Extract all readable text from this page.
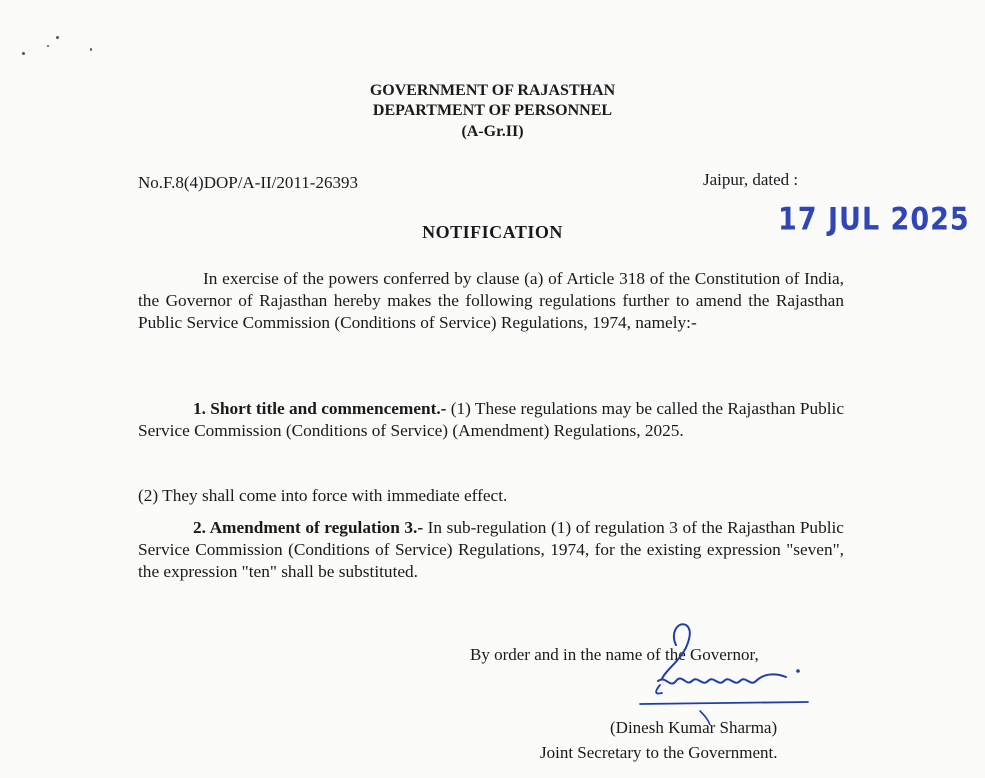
GOVERNMENT OF RAJASTHAN
DEPARTMENT OF PERSONNEL
(A-Gr.II)
No.F.8(4)DOP/A-II/2011-26393	Jaipur, dated :
17 JUL 2025
NOTIFICATION

In exercise of the powers conferred by clause (a) of Article 318 of the Constitution of India, the Governor of Rajasthan hereby makes the following regulations further to amend the Rajasthan Public Service Commission (Conditions of Service) Regulations, 1974, namely:-

1. Short title and commencement.- (1) These regulations may be called the Rajasthan Public Service Commission (Conditions of Service) (Amendment) Regulations, 2025.

(2) They shall come into force with immediate effect.

2. Amendment of regulation 3.- In sub-regulation (1) of regulation 3 of the Rajasthan Public Service Commission (Conditions of Service) Regulations, 1974, for the existing expression "seven", the expression "ten" shall be substituted.

By order and in the name of the Governor,
(Dinesh Kumar Sharma)
Joint Secretary to the Government.
